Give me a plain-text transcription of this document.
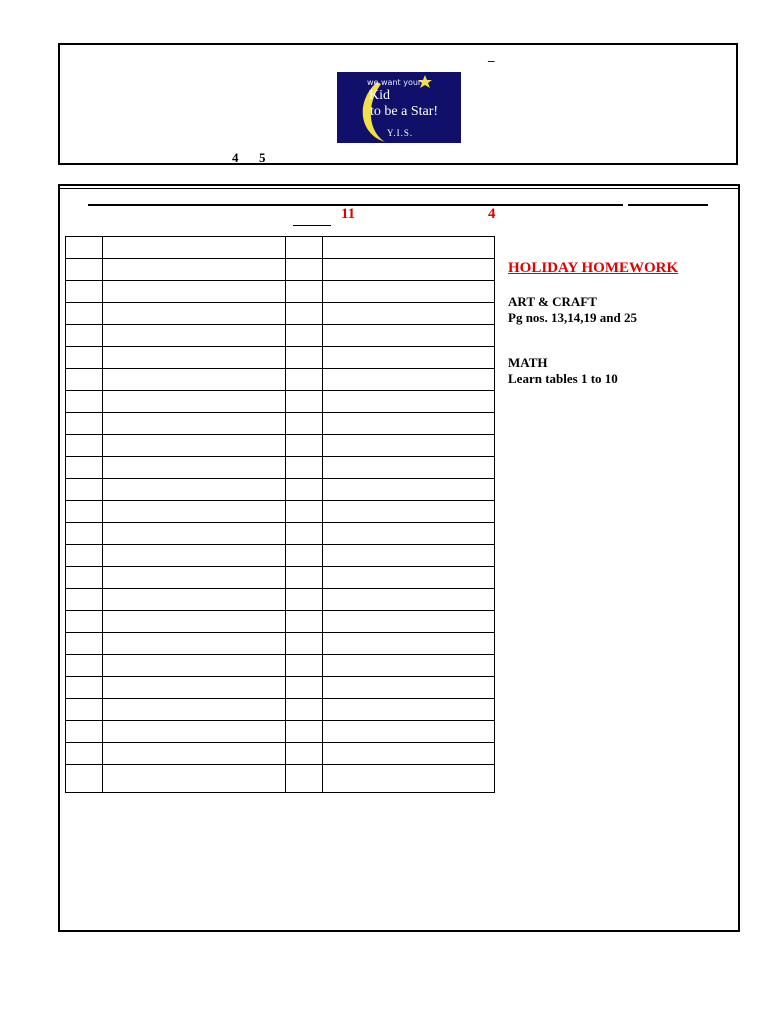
_
we want your
Kid
to be a Star!
Y.I.S.
4 5
11	4

HOLIDAY HOMEWORK
ART & CRAFT
Pg nos. 13,14,19 and 25
MATH
Learn tables 1 to 10
